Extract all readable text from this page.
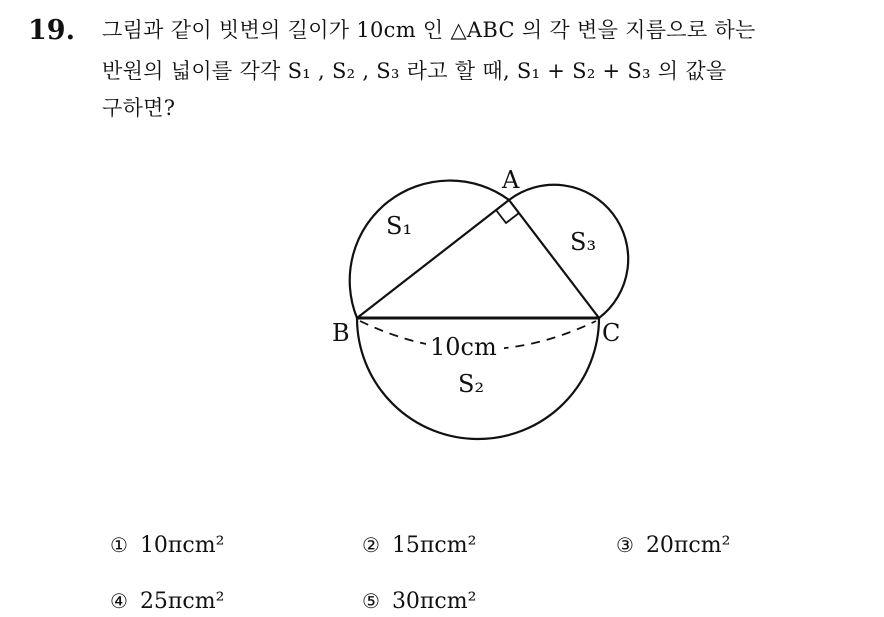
19. 그림과 같이 빗변의 길이가 10cm 인 △ABC 의 각 변을 지름으로 하는
반원의 넓이를 각각 S₁ , S₂ , S₃ 라고 할 때, S₁ + S₂ + S₃ 의 값을
구하면?
A
B	C
S₁
S₂
S₃
10cm
① 10πcm²	② 15πcm²	③ 20πcm²
④ 25πcm²	⑤ 30πcm²
